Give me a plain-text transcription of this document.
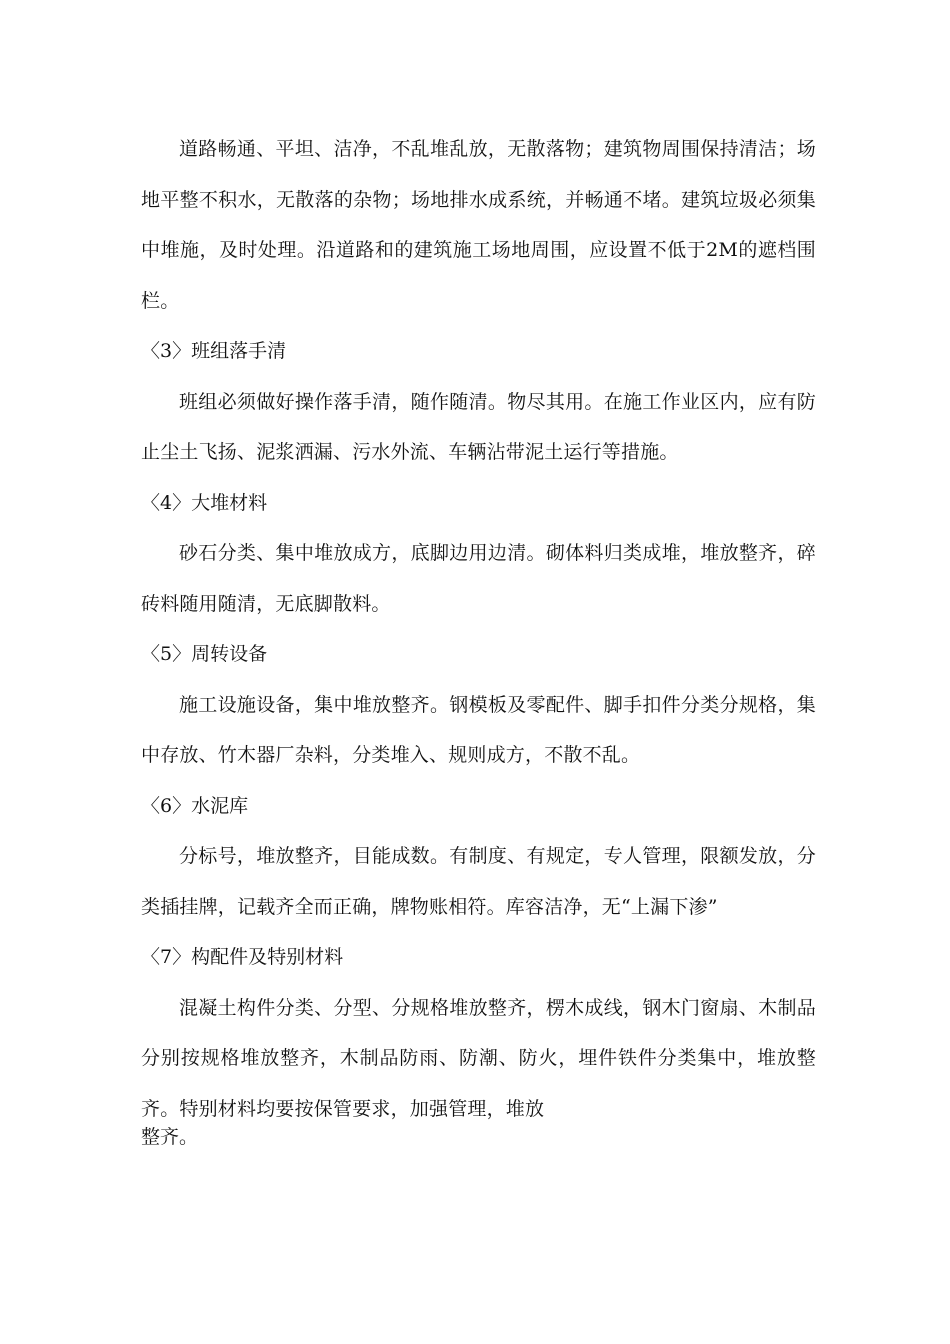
道路畅通、平坦、洁净，不乱堆乱放，无散落物；建筑物周围保持清洁；场地平整不积水，无散落的杂物；场地排水成系统，并畅通不堵。建筑垃圾必须集中堆施，及时处理。沿道路和的建筑施工场地周围，应设置不低于2M的遮档围栏。

〈3〉班组落手清

班组必须做好操作落手清，随作随清。物尽其用。在施工作业区内，应有防止尘土飞扬、泥浆洒漏、污水外流、车辆沾带泥土运行等措施。

〈4〉大堆材料

砂石分类、集中堆放成方，底脚边用边清。砌体料归类成堆，堆放整齐，碎砖料随用随清，无底脚散料。

〈5〉周转设备

施工设施设备，集中堆放整齐。钢模板及零配件、脚手扣件分类分规格，集中存放、竹木器厂杂料，分类堆入、规则成方，不散不乱。

〈6〉水泥库

分标号，堆放整齐，目能成数。有制度、有规定，专人管理，限额发放，分类插挂牌，记载齐全而正确，牌物账相符。库容洁净，无“上漏下渗”

〈7〉构配件及特别材料

混凝土构件分类、分型、分规格堆放整齐，楞木成线，钢木门窗扇、木制品分别按规格堆放整齐，木制品防雨、防潮、防火，埋件铁件分类集中，堆放整齐。特别材料均要按保管要求，加强管理，堆放

整齐。
